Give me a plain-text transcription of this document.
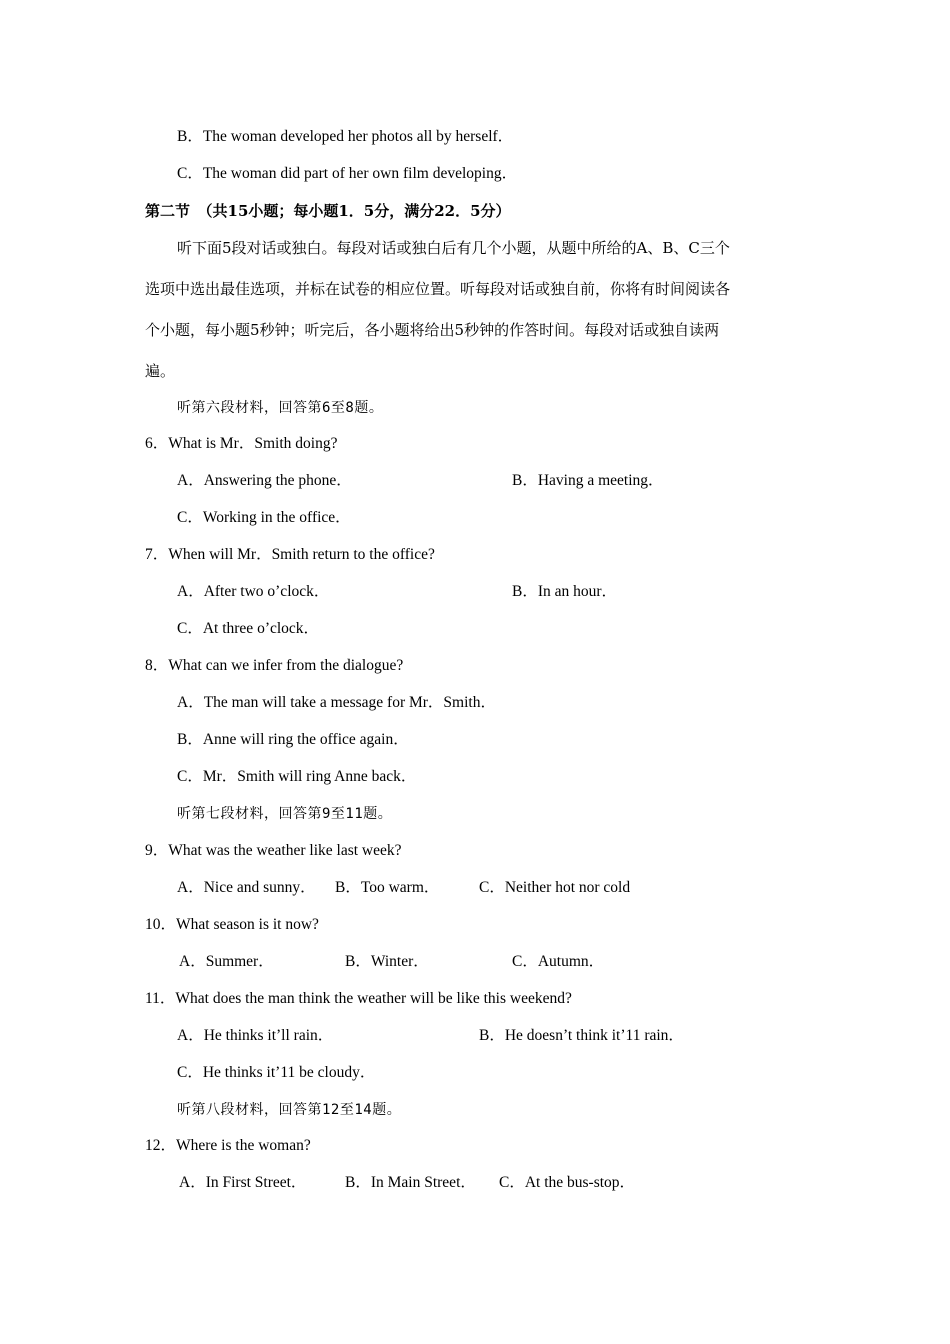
B．The woman developed her photos all by herself．
C．The woman did part of her own film developing．
第二节　（共15小题；每小题1．5分，满分22．5分）
听下面5段对话或独白。每段对话或独白后有几个小题，从题中所给的A、B、C三个
选项中选出最佳选项，并标在试卷的相应位置。听每段对话或独自前，你将有时间阅读各
个小题，每小题5秒钟；听完后，各小题将给出5秒钟的作答时间。每段对话或独自读两
遍。
听第六段材料，回答第6至8题。
6．What is Mr．Smith doing?
A．Answering the phone．	B．Having a meeting．
C．Working in the office．
7．When will Mr．Smith return to the office?
A．After two o’clock．	B．In an hour．
C．At three o’clock．
8．What can we infer from the dialogue?
A．The man will take a message for Mr．Smith．
B．Anne will ring the office again．
C．Mr．Smith will ring Anne back．
听第七段材料，回答第9至11题。
9．What was the weather like last week?
A．Nice and sunny． B．Too warm．	C．Neither hot nor cold
10．What season is it now?
A．Summer．	B．Winter．	C．Autumn．
11．What does the man think the weather will be like this weekend?
A．He thinks it’ll rain．	B．He doesn’t think it’11 rain．
C．He thinks it’11 be cloudy．
听第八段材料，回答第12至14题。
12．Where is the woman?
A．In First Street． B．In Main Street． C．At the bus-stop．
